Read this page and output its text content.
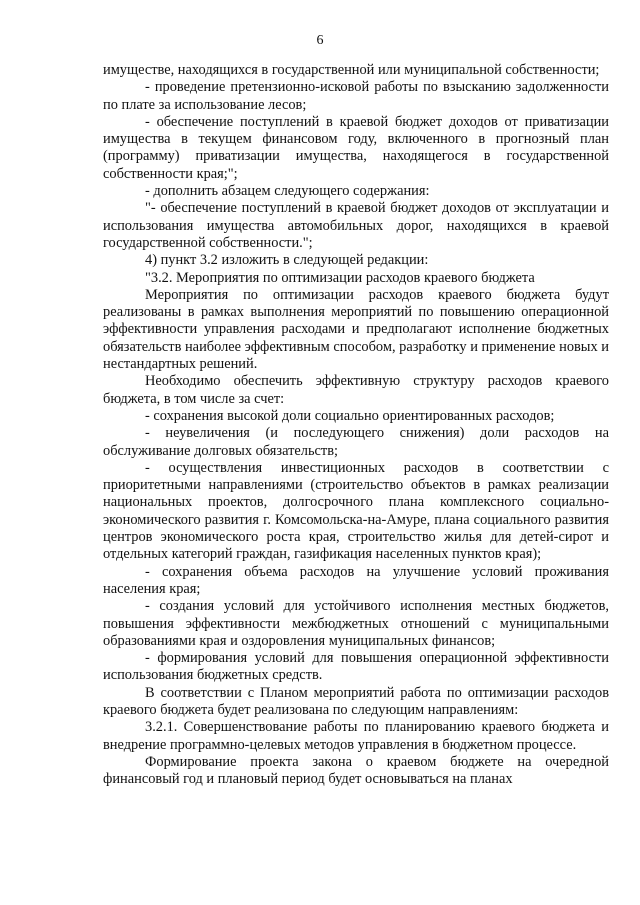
6

имуществе, находящихся в государственной или муниципальной собственности;

- проведение претензионно-исковой работы по взысканию задолженности по плате за использование лесов;

- обеспечение поступлений в краевой бюджет доходов от приватизации имущества в текущем финансовом году, включенного в прогнозный план (программу) приватизации имущества, находящегося в государственной собственности края;";

- дополнить абзацем следующего содержания:

"- обеспечение поступлений в краевой бюджет доходов от эксплуатации и использования имущества автомобильных дорог, находящихся в краевой государственной собственности.";

4) пункт 3.2 изложить в следующей редакции:

"3.2. Мероприятия по оптимизации расходов краевого бюджета

Мероприятия по оптимизации расходов краевого бюджета будут реализованы в рамках выполнения мероприятий по повышению операционной эффективности управления расходами и предполагают исполнение бюджетных обязательств наиболее эффективным способом, разработку и применение новых и нестандартных решений.

Необходимо обеспечить эффективную структуру расходов краевого бюджета, в том числе за счет:

- сохранения высокой доли социально ориентированных расходов;

- неувеличения (и последующего снижения) доли расходов на обслуживание долговых обязательств;

- осуществления инвестиционных расходов в соответствии с приоритетными направлениями (строительство объектов в рамках реализации национальных проектов, долгосрочного плана комплексного социально-экономического развития г. Комсомольска-на-Амуре, плана социального развития центров экономического роста края, строительство жилья для детей-сирот и отдельных категорий граждан, газификация населенных пунктов края);

- сохранения объема расходов на улучшение условий проживания населения края;

- создания условий для устойчивого исполнения местных бюджетов, повышения эффективности межбюджетных отношений с муниципальными образованиями края и оздоровления муниципальных финансов;

- формирования условий для повышения операционной эффективности использования бюджетных средств.

В соответствии с Планом мероприятий работа по оптимизации расходов краевого бюджета будет реализована по следующим направлениям:

3.2.1. Совершенствование работы по планированию краевого бюджета и внедрение программно-целевых методов управления в бюджетном процессе.

Формирование проекта закона о краевом бюджете на очередной финансовый год и плановый период будет основываться на планах
